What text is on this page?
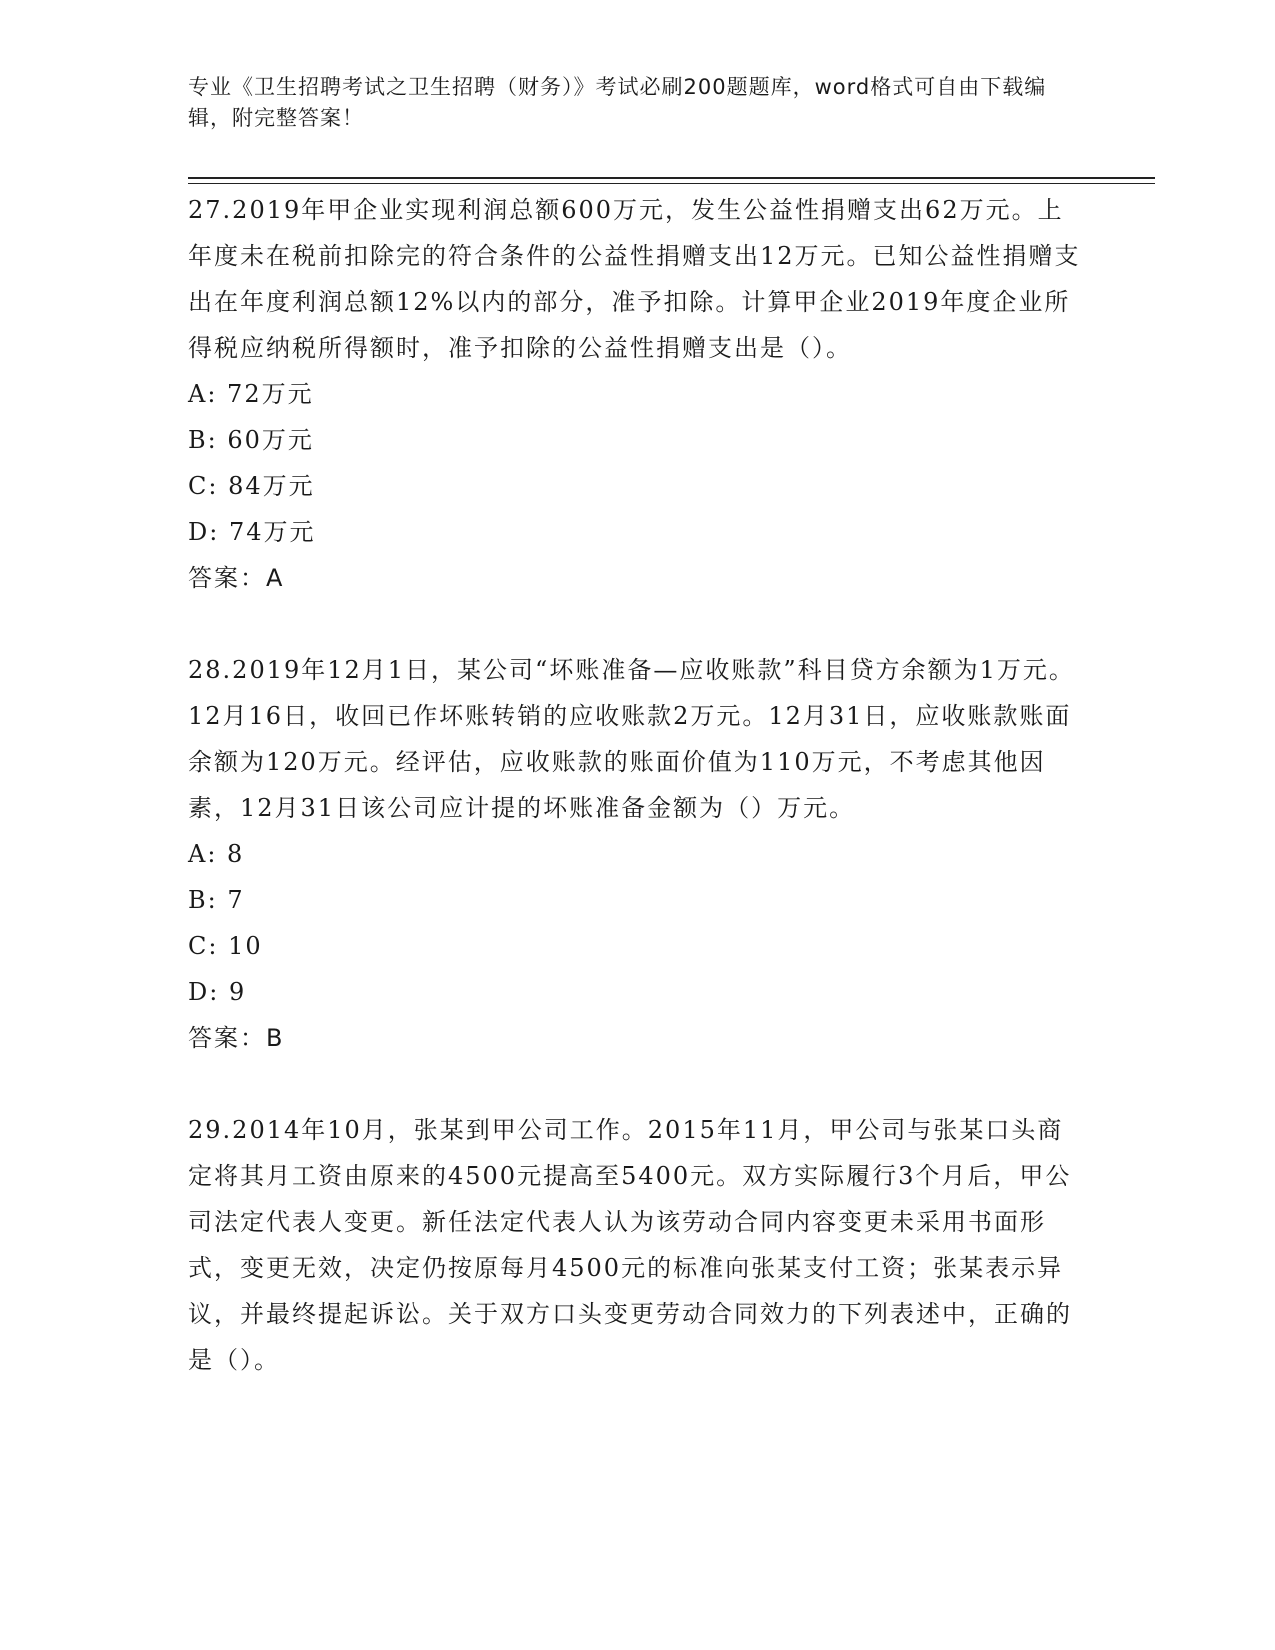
专业《卫生招聘考试之卫生招聘（财务）》考试必刷200题题库，word格式可自由下载编辑，附完整答案！

27.2019年甲企业实现利润总额600万元，发生公益性捐赠支出62万元。上年度未在税前扣除完的符合条件的公益性捐赠支出12万元。已知公益性捐赠支出在年度利润总额12%以内的部分，准予扣除。计算甲企业2019年度企业所得税应纳税所得额时，准予扣除的公益性捐赠支出是（）。

A: 72万元

B: 60万元

C: 84万元

D: 74万元

答案：A

28.2019年12月1日，某公司“坏账准备—应收账款”科目贷方余额为1万元。12月16日，收回已作坏账转销的应收账款2万元。12月31日，应收账款账面余额为120万元。经评估，应收账款的账面价值为110万元，不考虑其他因素，12月31日该公司应计提的坏账准备金额为（）万元。

A: 8

B: 7

C: 10

D: 9

答案：B

29.2014年10月，张某到甲公司工作。2015年11月，甲公司与张某口头商定将其月工资由原来的4500元提高至5400元。双方实际履行3个月后，甲公司法定代表人变更。新任法定代表人认为该劳动合同内容变更未采用书面形式，变更无效，决定仍按原每月4500元的标准向张某支付工资；张某表示异议，并最终提起诉讼。关于双方口头变更劳动合同效力的下列表述中，正确的是（）。
